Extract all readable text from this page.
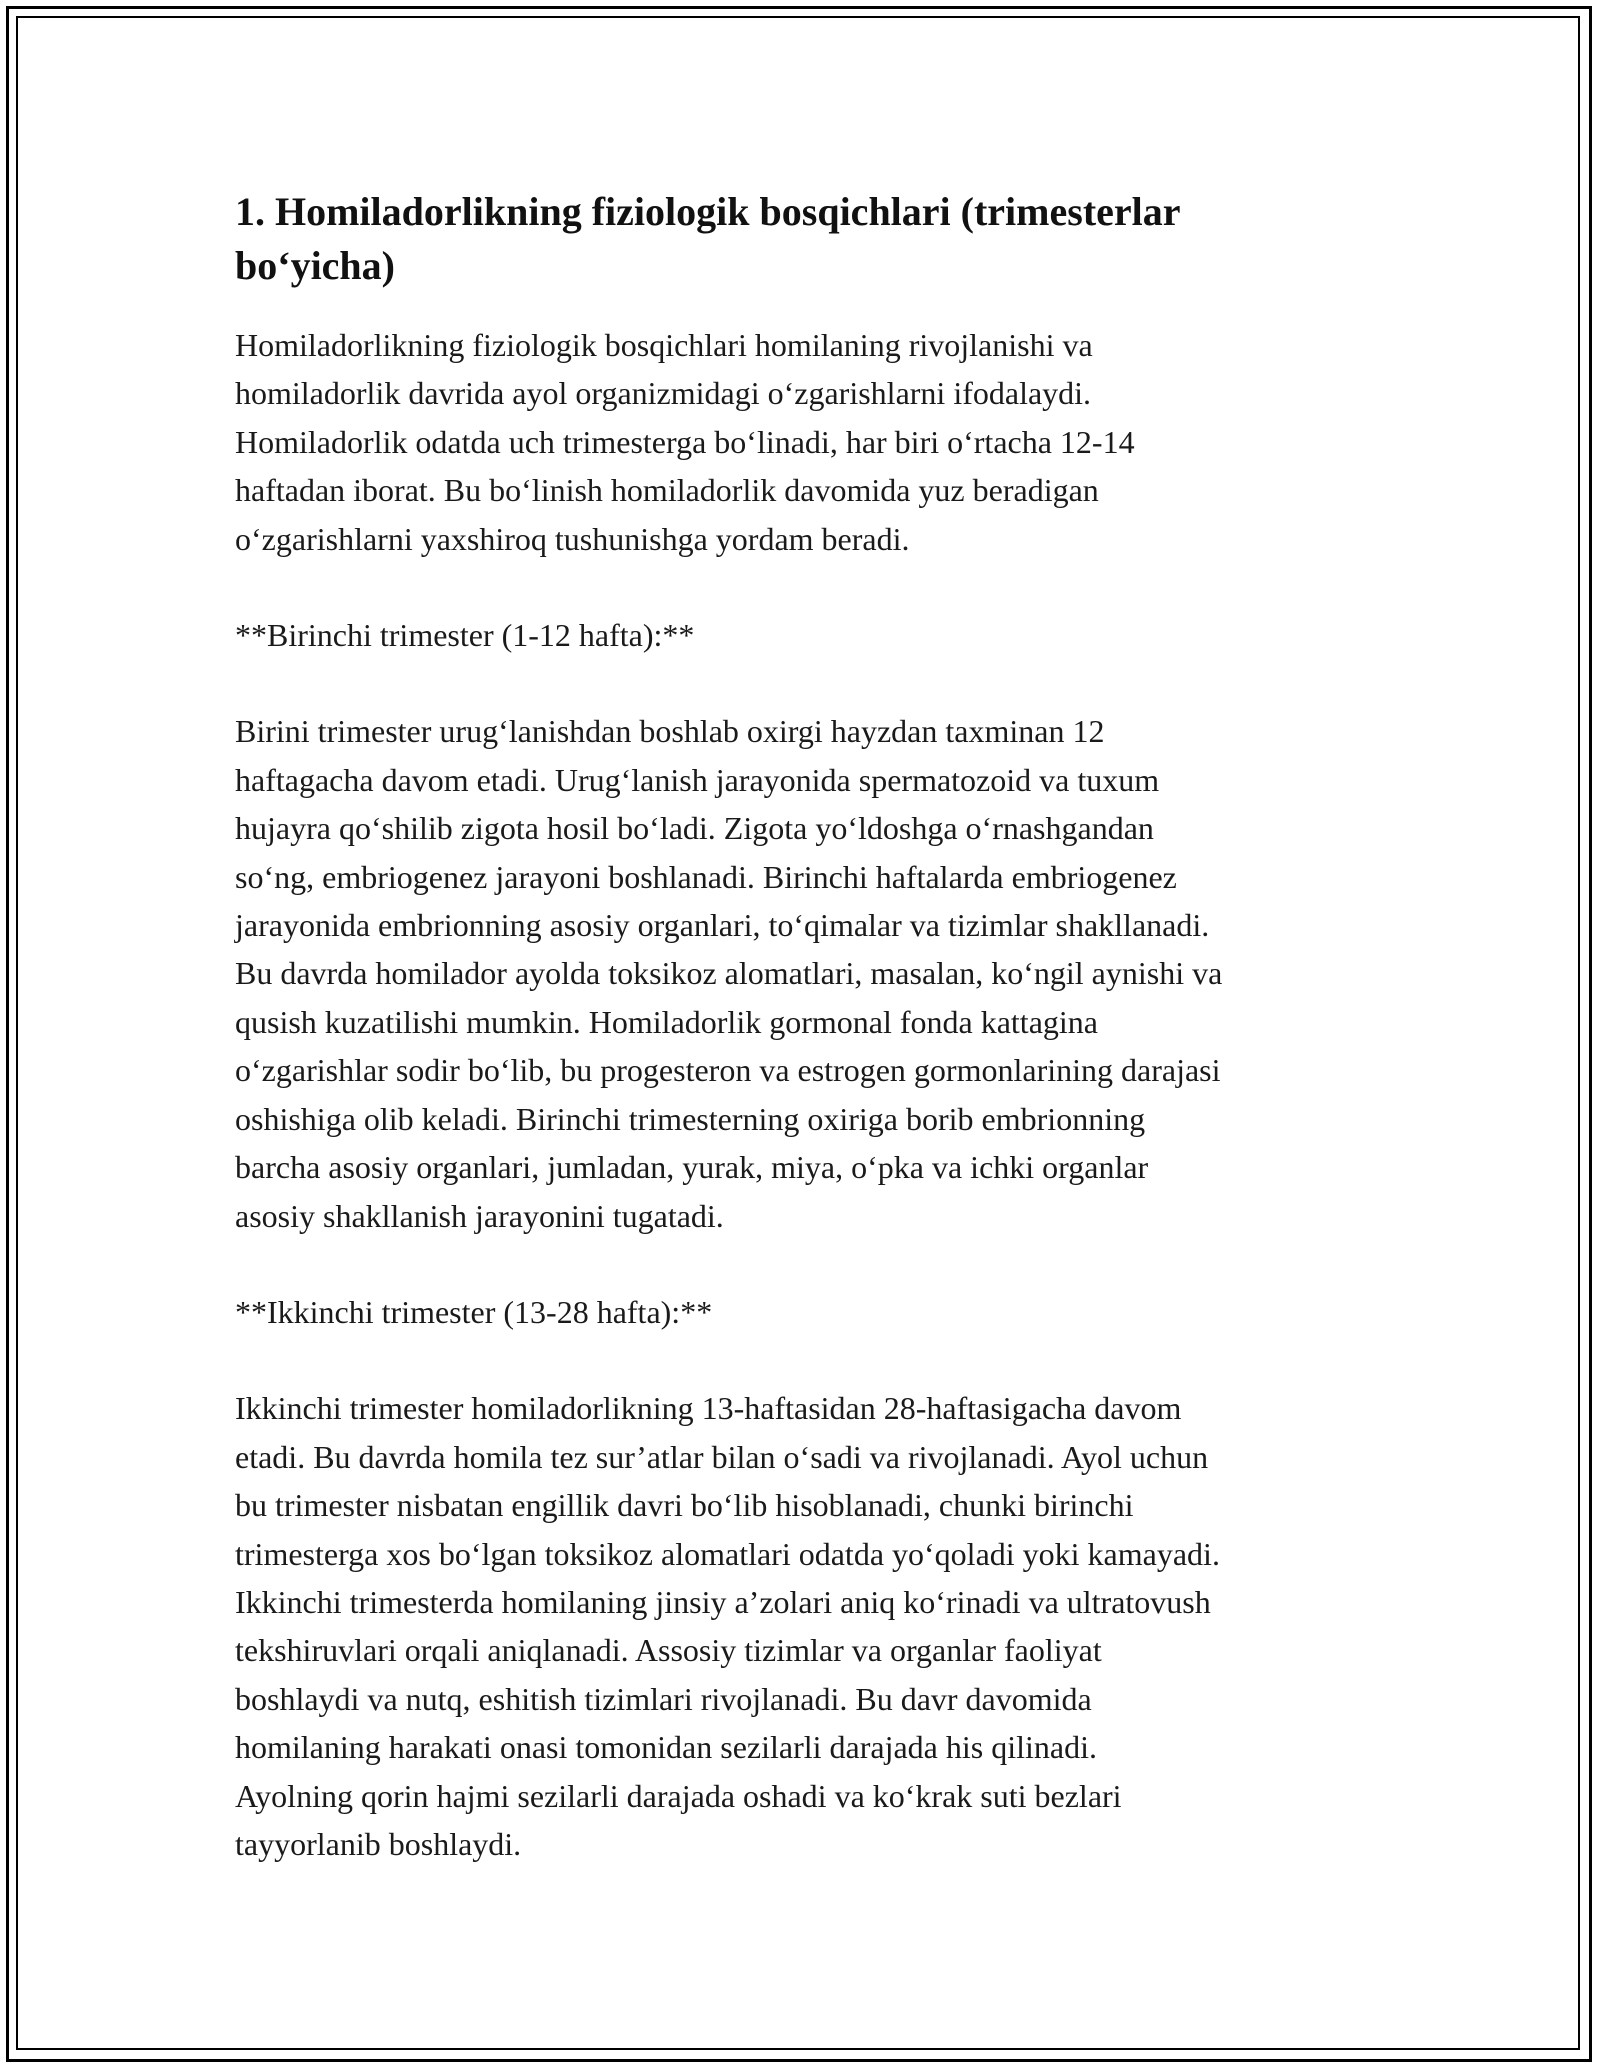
1. Homiladorlikning fiziologik bosqichlari (trimesterlar bo‘yicha)

Homiladorlikning fiziologik bosqichlari homilaning rivojlanishi va
homiladorlik davrida ayol organizmidagi o‘zgarishlarni ifodalaydi.
Homiladorlik odatda uch trimesterga bo‘linadi, har biri o‘rtacha 12-14
haftadan iborat. Bu bo‘linish homiladorlik davomida yuz beradigan
o‘zgarishlarni yaxshiroq tushunishga yordam beradi.

**Birinchi trimester (1-12 hafta):**

Birini trimester urug‘lanishdan boshlab oxirgi hayzdan taxminan 12
haftagacha davom etadi. Urug‘lanish jarayonida spermatozoid va tuxum
hujayra qo‘shilib zigota hosil bo‘ladi. Zigota yo‘ldoshga o‘rnashgandan
so‘ng, embriogenez jarayoni boshlanadi. Birinchi haftalarda embriogenez
jarayonida embrionning asosiy organlari, to‘qimalar va tizimlar shakllanadi.
Bu davrda homilador ayolda toksikoz alomatlari, masalan, ko‘ngil aynishi va
qusish kuzatilishi mumkin. Homiladorlik gormonal fonda kattagina
o‘zgarishlar sodir bo‘lib, bu progesteron va estrogen gormonlarining darajasi
oshishiga olib keladi. Birinchi trimesterning oxiriga borib embrionning
barcha asosiy organlari, jumladan, yurak, miya, o‘pka va ichki organlar
asosiy shakllanish jarayonini tugatadi.

**Ikkinchi trimester (13-28 hafta):**

Ikkinchi trimester homiladorlikning 13-haftasidan 28-haftasigacha davom
etadi. Bu davrda homila tez sur’atlar bilan o‘sadi va rivojlanadi. Ayol uchun
bu trimester nisbatan engillik davri bo‘lib hisoblanadi, chunki birinchi
trimesterga xos bo‘lgan toksikoz alomatlari odatda yo‘qoladi yoki kamayadi.
Ikkinchi trimesterda homilaning jinsiy a’zolari aniq ko‘rinadi va ultratovush
tekshiruvlari orqali aniqlanadi. Assosiy tizimlar va organlar faoliyat
boshlaydi va nutq, eshitish tizimlari rivojlanadi. Bu davr davomida
homilaning harakati onasi tomonidan sezilarli darajada his qilinadi.
Ayolning qorin hajmi sezilarli darajada oshadi va ko‘krak suti bezlari
tayyorlanib boshlaydi.
